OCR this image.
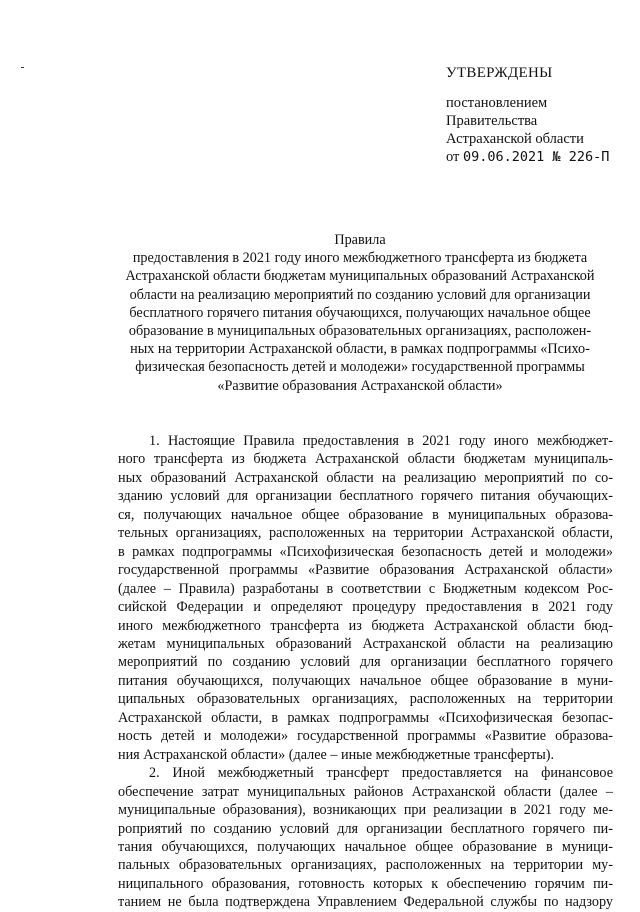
УТВЕРЖДЕНЫ
постановлением
Правительства
Астраханской области
от 09.06.2021 № 226-П
Правила
предоставления в 2021 году иного межбюджетного трансферта из бюджета
Астраханской области бюджетам муниципальных образований Астраханской
области на реализацию мероприятий по созданию условий для организации
бесплатного горячего питания обучающихся, получающих начальное общее
образование в муниципальных образовательных организациях, расположен-
ных на территории Астраханской области, в рамках подпрограммы «Психо-
физическая безопасность детей и молодежи» государственной программы
«Развитие образования Астраханской области»
1. Настоящие Правила предоставления в 2021 году иного межбюджет-
ного трансферта из бюджета Астраханской области бюджетам муниципаль-
ных образований Астраханской области на реализацию мероприятий по со-
зданию условий для организации бесплатного горячего питания обучающих-
ся, получающих начальное общее образование в муниципальных образова-
тельных организациях, расположенных на территории Астраханской области,
в рамках подпрограммы «Психофизическая безопасность детей и молодежи»
государственной программы «Развитие образования Астраханской области»
(далее – Правила) разработаны в соответствии с Бюджетным кодексом Рос-
сийской Федерации и определяют процедуру предоставления в 2021 году
иного межбюджетного трансферта из бюджета Астраханской области бюд-
жетам муниципальных образований Астраханской области на реализацию
мероприятий по созданию условий для организации бесплатного горячего
питания обучающихся, получающих начальное общее образование в муни-
ципальных образовательных организациях, расположенных на территории
Астраханской области, в рамках подпрограммы «Психофизическая безопас-
ность детей и молодежи» государственной программы «Развитие образова-
ния Астраханской области» (далее – иные межбюджетные трансферты).
2. Иной межбюджетный трансферт предоставляется на финансовое
обеспечение затрат муниципальных районов Астраханской области (далее –
муниципальные образования), возникающих при реализации в 2021 году ме-
роприятий по созданию условий для организации бесплатного горячего пи-
тания обучающихся, получающих начальное общее образование в муници-
пальных образовательных организациях, расположенных на территории му-
ниципального образования, готовность которых к обеспечению горячим пи-
танием не была подтверждена Управлением Федеральной службы по надзору
